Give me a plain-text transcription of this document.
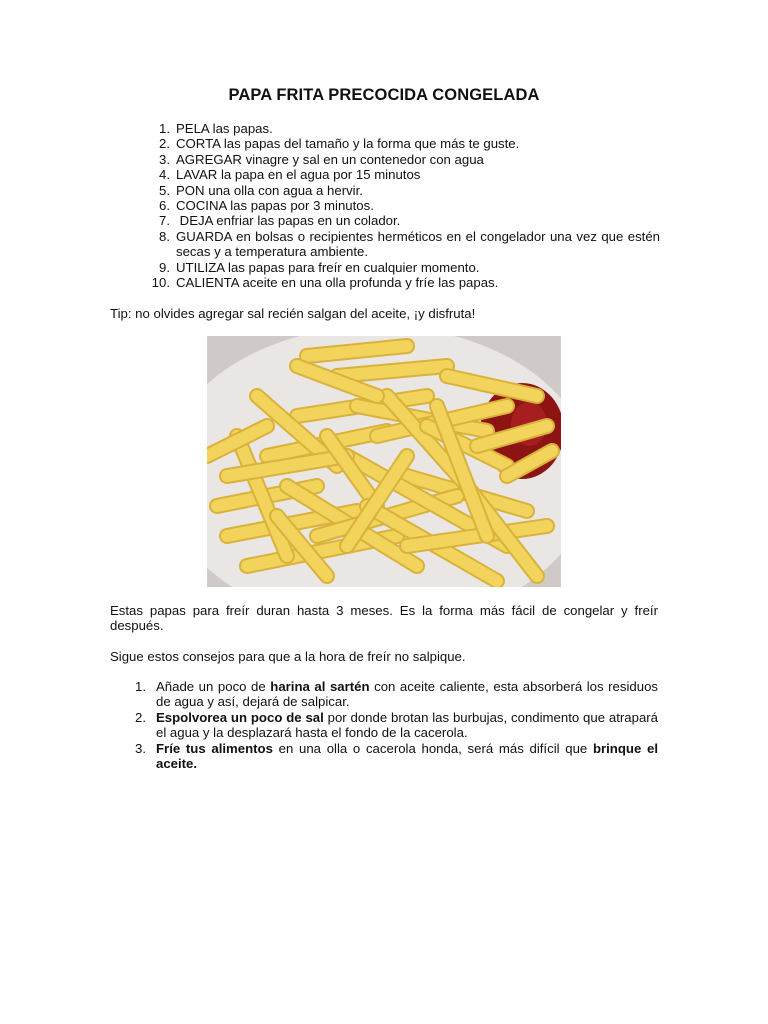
PAPA FRITA PRECOCIDA CONGELADA
1 . PELA las papas.
2 . CORTA las papas del tamaño y la forma que más te guste.
3 . AGREGAR vinagre y sal en un contenedor con agua
4 . LAVAR la papa en el agua por 15 minutos
5 . PON una olla con agua a hervir.
6 . COCINA las papas por 3 minutos.
7 . DEJA enfriar las papas en un colador.
8 . GUARDA en bolsas o recipientes herméticos en el congelador una vez que estén secas y a temperatura ambiente.
9 . UTILIZA las papas para freír en cualquier momento.
10 . CALIENTA aceite en una olla profunda y fríe las papas.

Tip: no olvides agregar sal recién salgan del aceite, ¡y disfruta!

Estas papas para freír duran hasta 3 meses. Es la forma más fácil de congelar y freír después.

Sigue estos consejos para que a la hora de freír no salpique.

1 . Añade un poco de harina al sartén con aceite caliente, esta absorberá los residuos de agua y así, dejará de salpicar.
2 . Espolvorea un poco de sal por donde brotan las burbujas, condimento que atrapará el agua y la desplazará hasta el fondo de la cacerola.
3 . Fríe tus alimentos en una olla o cacerola honda, será más difícil que brinque el aceite.
